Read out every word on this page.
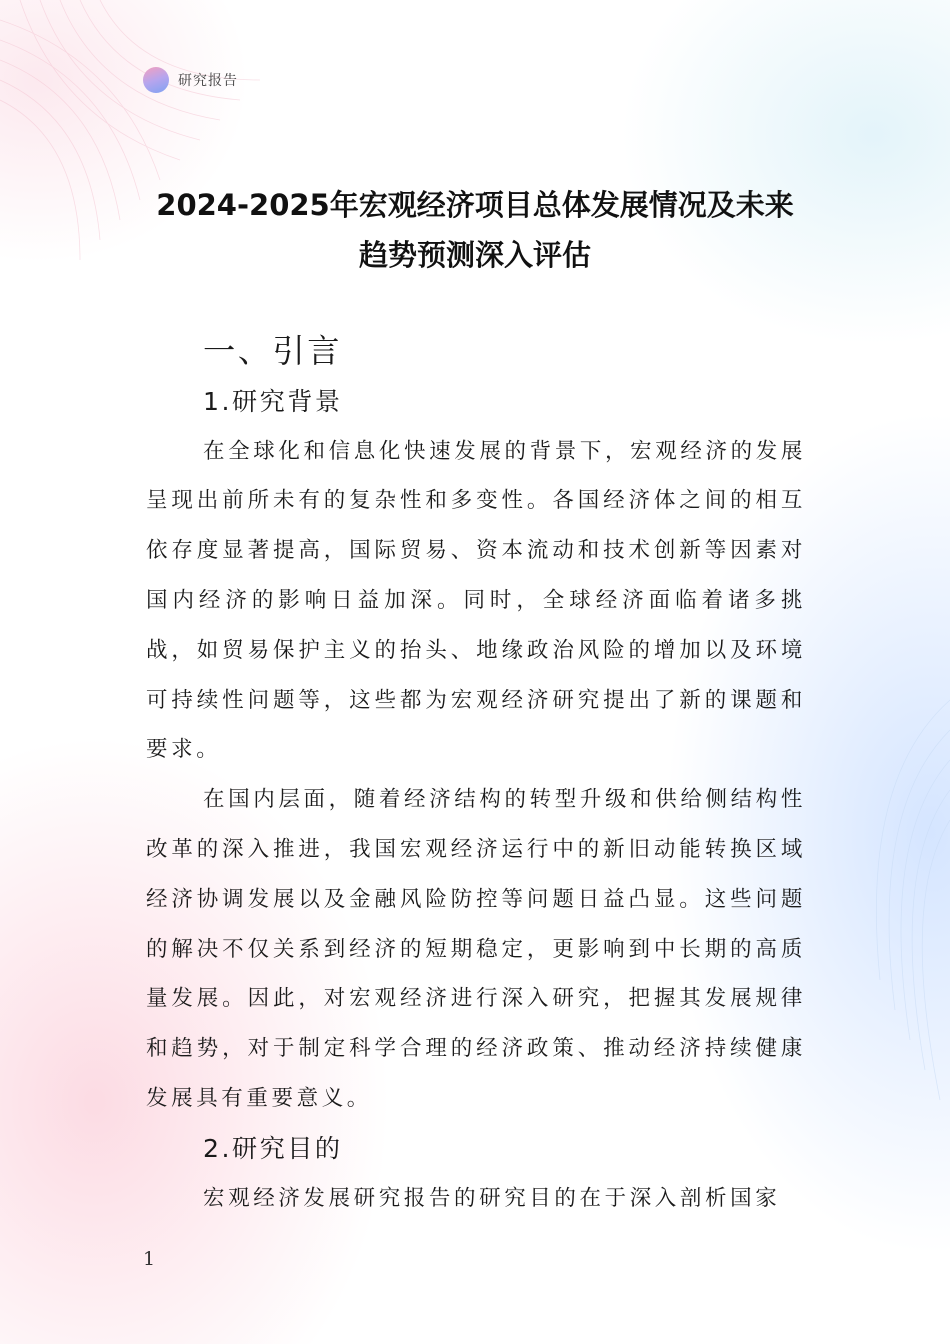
研究报告
2024-2025年宏观经济项目总体发展情况及未来
趋势预测深入评估
一、引言
1.研究背景

在全球化和信息化快速发展的背景下，宏观经济的发展呈现出前所未有的复杂性和多变性。各国经济体之间的相互依存度显著提高，国际贸易、资本流动和技术创新等因素对国内经济的影响日益加深。同时，全球经济面临着诸多挑战，如贸易保护主义的抬头、地缘政治风险的增加以及环境可持续性问题等，这些都为宏观经济研究提出了新的课题和要求。

在国内层面，随着经济结构的转型升级和供给侧结构性改革的深入推进，我国宏观经济运行中的新旧动能转换区域经济协调发展以及金融风险防控等问题日益凸显。这些问题的解决不仅关系到经济的短期稳定，更影响到中长期的高质量发展。因此，对宏观经济进行深入研究，把握其发展规律和趋势，对于制定科学合理的经济政策、推动经济持续健康发展具有重要意义。

2.研究目的

宏观经济发展研究报告的研究目的在于深入剖析国家

1
